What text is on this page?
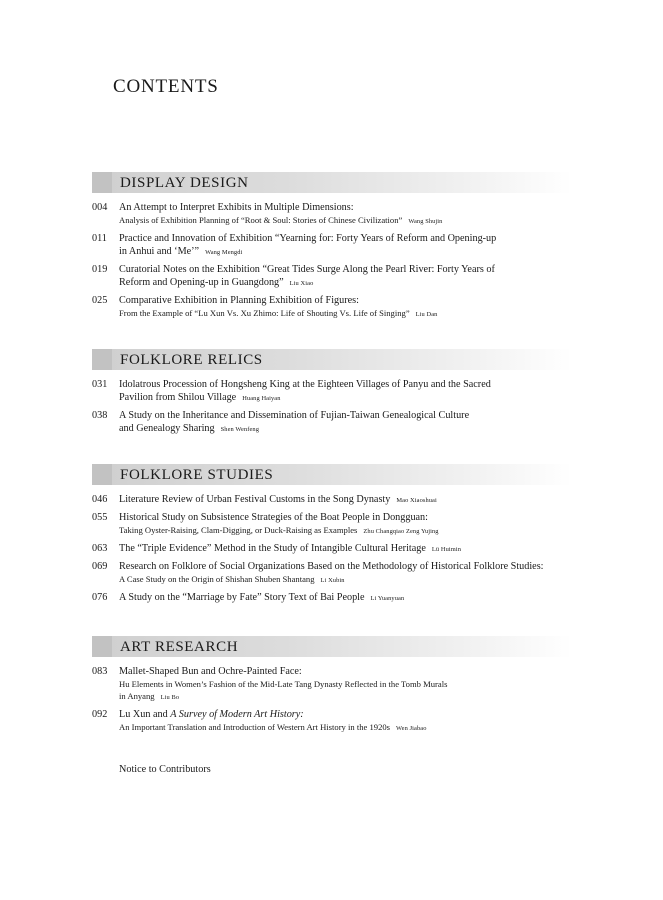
CONTENTS
DISPLAY DESIGN
004 An Attempt to Interpret Exhibits in Multiple Dimensions:
Analysis of Exhibition Planning of “Root & Soul: Stories of Chinese Civilization” Wang Shujin
011 Practice and Innovation of Exhibition “Yearning for: Forty Years of Reform and Opening-up
in Anhui and ‘Me’” Wang Mengdi
019 Curatorial Notes on the Exhibition “Great Tides Surge Along the Pearl River: Forty Years of
Reform and Opening-up in Guangdong” Liu Xiao
025 Comparative Exhibition in Planning Exhibition of Figures:
From the Example of “Lu Xun Vs. Xu Zhimo: Life of Shouting Vs. Life of Singing” Liu Dan
FOLKLORE RELICS
031 Idolatrous Procession of Hongsheng King at the Eighteen Villages of Panyu and the Sacred
Pavilion from Shilou Village Huang Haiyan
038 A Study on the Inheritance and Dissemination of Fujian-Taiwan Genealogical Culture
and Genealogy Sharing Shen Wenfeng
FOLKLORE STUDIES
046 Literature Review of Urban Festival Customs in the Song Dynasty Mao Xiaoshuai
055 Historical Study on Subsistence Strategies of the Boat People in Dongguan:
Taking Oyster-Raising, Clam-Digging, or Duck-Raising as Examples Zhu Changqiao Zeng Yujing
063 The “Triple Evidence” Method in the Study of Intangible Cultural Heritage Lü Huimin
069 Research on Folklore of Social Organizations Based on the Methodology of Historical Folklore Studies:
A Case Study on the Origin of Shishan Shuben Shantang Li Xubin
076 A Study on the “Marriage by Fate” Story Text of Bai People Li Yuanyuan
ART RESEARCH
083 Mallet-Shaped Bun and Ochre-Painted Face:
Hu Elements in Women’s Fashion of the Mid-Late Tang Dynasty Reflected in the Tomb Murals
in Anyang Liu Bo
092 Lu Xun and A Survey of Modern Art History:
An Important Translation and Introduction of Western Art History in the 1920s Wen Jiabao
Notice to Contributors
